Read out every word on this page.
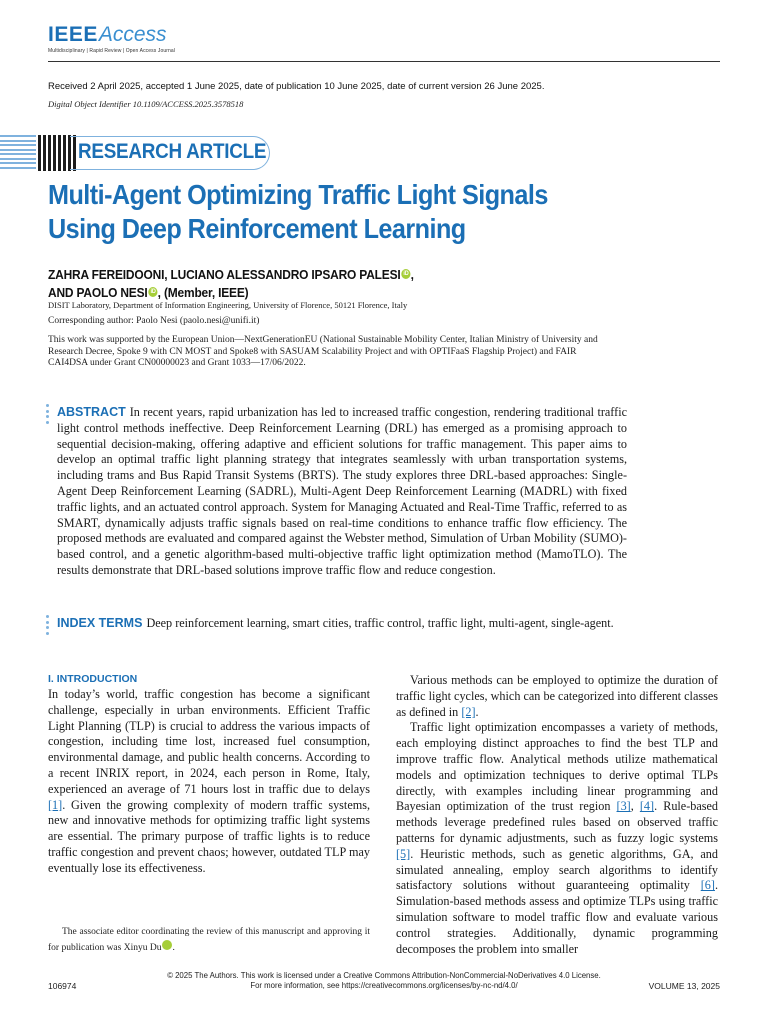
IEEE Access
Multidisciplinary | Rapid Review | Open Access Journal
Received 2 April 2025, accepted 1 June 2025, date of publication 10 June 2025, date of current version 26 June 2025.
Digital Object Identifier 10.1109/ACCESS.2025.3578518
RESEARCH ARTICLE
Multi-Agent Optimizing Traffic Light Signals
Using Deep Reinforcement Learning
ZAHRA FEREIDOONI, LUCIANO ALESSANDRO IPSARO PALESI iD ,
AND PAOLO NESI iD , (Member, IEEE)
DISIT Laboratory, Department of Information Engineering, University of Florence, 50121 Florence, Italy
Corresponding author: Paolo Nesi (paolo.nesi@unifi.it)
This work was supported by the European Union—NextGenerationEU (National Sustainable Mobility Center, Italian Ministry of University and Research Decree, Spoke 9 with CN MOST and Spoke8 with SASUAM Scalability Project and with OPTIFaaS Flagship Project) and FAIR CAI4DSA under Grant CN00000023 and Grant 1033—17/06/2022.
ABSTRACT In recent years, rapid urbanization has led to increased traffic congestion, rendering traditional traffic light control methods ineffective. Deep Reinforcement Learning (DRL) has emerged as a promising approach to sequential decision-making, offering adaptive and efficient solutions for traffic management. This paper aims to develop an optimal traffic light planning strategy that integrates seamlessly with urban transportation systems, including trams and Bus Rapid Transit Systems (BRTS). The study explores three DRL-based approaches: Single-Agent Deep Reinforcement Learning (SADRL), Multi-Agent Deep Reinforcement Learning (MADRL) with fixed traffic lights, and an actuated control approach. System for Managing Actuated and Real-Time Traffic, referred to as SMART, dynamically adjusts traffic signals based on real-time conditions to enhance traffic flow efficiency. The proposed methods are evaluated and compared against the Webster method, Simulation of Urban Mobility (SUMO)-based control, and a genetic algorithm-based multi-objective traffic light optimization method (MamoTLO). The results demonstrate that DRL-based solutions improve traffic flow and reduce congestion.
INDEX TERMS Deep reinforcement learning, smart cities, traffic control, traffic light, multi-agent, single-agent.
I. INTRODUCTION

In today’s world, traffic congestion has become a significant challenge, especially in urban environments. Efficient Traffic Light Planning (TLP) is crucial to address the various impacts of congestion, including time lost, increased fuel consumption, environmental damage, and public health concerns. According to a recent INRIX report, in 2024, each person in Rome, Italy, experienced an average of 71 hours lost in traffic due to delays [1]. Given the growing complexity of modern traffic systems, new and innovative methods for optimizing traffic light systems are essential. The primary purpose of traffic lights is to reduce traffic congestion and prevent chaos; however, outdated TLP may eventually lose its effectiveness.

The associate editor coordinating the review of this manuscript and approving it for publication was Xinyu Du	iD.

Various methods can be employed to optimize the duration of traffic light cycles, which can be categorized into different classes as defined in [2].

Traffic light optimization encompasses a variety of methods, each employing distinct approaches to find the best TLP and improve traffic flow. Analytical methods utilize mathematical models and optimization techniques to derive optimal TLPs directly, with examples including linear programming and Bayesian optimization of the trust region [3], [4]. Rule-based methods leverage predefined rules based on observed traffic patterns for dynamic adjustments, such as fuzzy logic systems [5]. Heuristic methods, such as genetic algorithms, GA, and simulated annealing, employ search algorithms to identify satisfactory solutions without guaranteeing optimality [6]. Simulation-based methods assess and optimize TLPs using traffic simulation software to model traffic flow and evaluate various control strategies. Additionally, dynamic programming decomposes the problem into smaller

© 2025 The Authors. This work is licensed under a Creative Commons Attribution-NonCommercial-NoDerivatives 4.0 License.
For more information, see https://creativecommons.org/licenses/by-nc-nd/4.0/
106974	VOLUME 13, 2025
